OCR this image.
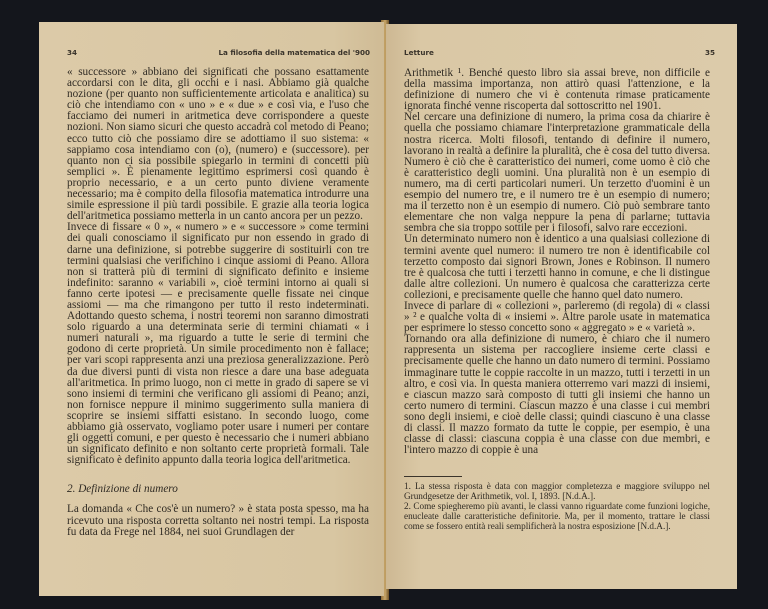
34	La filosofia della matematica del '900

« successore » abbiano dei significati che possano esattamente accordarsi con le dita, gli occhi e i nasi. Abbiamo già qualche nozione (per quanto non sufficientemente articolata e analitica) su ciò che intendiamo con « uno » e « due » e così via, e l'uso che facciamo dei numeri in aritmetica deve corrispondere a queste nozioni. Non siamo sicuri che questo accadrà col metodo di Peano; ecco tutto ciò che possiamo dire se adottiamo il suo sistema: « sappiamo cosa intendiamo con (o), (numero) e (successore). per quanto non ci sia possibile spiegarlo in termini di concetti più semplici ». È pienamente legittimo esprimersi così quando è proprio necessario, e a un certo punto diviene veramente necessario; ma è compito della filosofia matematica introdurre una simile espressione il più tardi possibile. E grazie alla teoria logica dell'aritmetica possiamo metterla in un canto ancora per un pezzo.

Invece di fissare « 0 », « numero » e « successore » come termini dei quali conosciamo il significato pur non essendo in grado di darne una definizione, si potrebbe suggerire di sostituirli con tre termini qualsiasi che verifichino i cinque assiomi di Peano. Allora non si tratterà più di termini di significato definito e insieme indefinito: saranno « variabili », cioè termini intorno ai quali si fanno certe ipotesi — e precisamente quelle fissate nei cinque assiomi — ma che rimangono per tutto il resto indeterminati. Adottando questo schema, i nostri teoremi non saranno dimostrati solo riguardo a una determinata serie di termini chiamati « i numeri naturali », ma riguardo a tutte le serie di termini che godono di certe proprietà. Un simile procedimento non è fallace; per vari scopi rappresenta anzi una preziosa generalizzazione. Però da due diversi punti di vista non riesce a dare una base adeguata all'aritmetica. In primo luogo, non ci mette in grado di sapere se vi sono insiemi di termini che verificano gli assiomi di Peano; anzi, non fornisce neppure il minimo suggerimento sulla maniera di scoprire se insiemi siffatti esistano. In secondo luogo, come abbiamo già osservato, vogliamo poter usare i numeri per contare gli oggetti comuni, e per questo è necessario che i numeri abbiano un significato definito e non soltanto certe proprietà formali. Tale significato è definito appunto dalla teoria logica dell'aritmetica.

2. Definizione di numero

La domanda « Che cos'è un numero? » è stata posta spesso, ma ha ricevuto una risposta corretta soltanto nei nostri tempi. La risposta fu data da Frege nel 1884, nei suoi Grundlagen der

Letture	35

Arithmetik ¹. Benché questo libro sia assai breve, non difficile e della massima importanza, non attirò quasi l'attenzione, e la definizione di numero che vi è contenuta rimase praticamente ignorata finché venne riscoperta dal sottoscritto nel 1901.

Nel cercare una definizione di numero, la prima cosa da chiarire è quella che possiamo chiamare l'interpretazione grammaticale della nostra ricerca. Molti filosofi, tentando di definire il numero, lavorano in realtà a definire la pluralità, che è cosa del tutto diversa. Numero è ciò che è caratteristico dei numeri, come uomo è ciò che è caratteristico degli uomini. Una pluralità non è un esempio di numero, ma di certi particolari numeri. Un terzetto d'uomini è un esempio del numero tre, e il numero tre è un esempio di numero; ma il terzetto non è un esempio di numero. Ciò può sembrare tanto elementare che non valga neppure la pena di parlarne; tuttavia sembra che sia troppo sottile per i filosofi, salvo rare eccezioni.

Un determinato numero non è identico a una qualsiasi collezione di termini avente quel numero: il numero tre non è identificabile col terzetto composto dai signori Brown, Jones e Robinson. Il numero tre è qualcosa che tutti i terzetti hanno in comune, e che li distingue dalle altre collezioni. Un numero è qualcosa che caratterizza certe collezioni, e precisamente quelle che hanno quel dato numero.

Invece di parlare di « collezioni », parleremo (di regola) di « classi » ² e qualche volta di « insiemi ». Altre parole usate in matematica per esprimere lo stesso concetto sono « aggregato » e « varietà ».

Tornando ora alla definizione di numero, è chiaro che il numero rappresenta un sistema per raccogliere insieme certe classi e precisamente quelle che hanno un dato numero di termini. Possiamo immaginare tutte le coppie raccolte in un mazzo, tutti i terzetti in un altro, e così via. In questa maniera otterremo vari mazzi di insiemi, e ciascun mazzo sarà composto di tutti gli insiemi che hanno un certo numero di termini. Ciascun mazzo è una classe i cui membri sono degli insiemi, e cioè delle classi; quindi ciascuno è una classe di classi. Il mazzo formato da tutte le coppie, per esempio, è una classe di classi: ciascuna coppia è una classe con due membri, e l'intero mazzo di coppie è una

1. La stessa risposta è data con maggior completezza e maggiore sviluppo nel Grundgesetze der Arithmetik, vol. I, 1893. [N.d.A.].

2. Come spiegheremo più avanti, le classi vanno riguardate come funzioni logiche, enucleate dalle caratteristiche definitorie. Ma, per il momento, trattare le classi come se fossero entità reali semplificherà la nostra esposizione [N.d.A.].
